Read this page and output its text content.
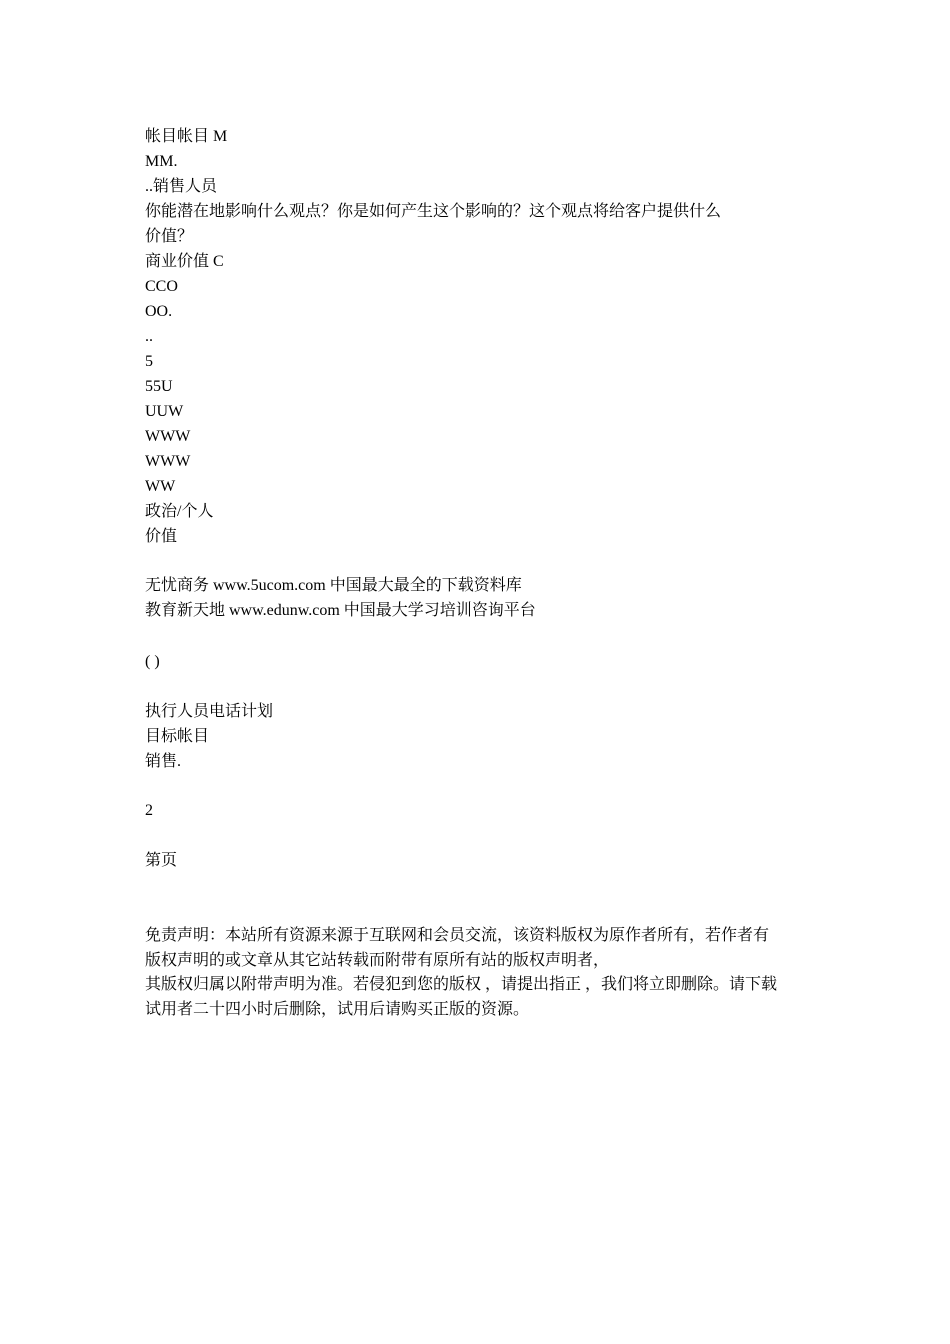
帐目帐目 M
MM.
..销售人员
你能潜在地影响什么观点？你是如何产生这个影响的？这个观点将给客户提供什么
价值？
商业价值 C
CCO
OO.
..
5
55U
UUW
WWW
WWW
WW
政治/个人
价值
无忧商务 www.5ucom.com 中国最大最全的下载资料库
教育新天地 www.edunw.com 中国最大学习培训咨询平台
( )
执行人员电话计划
目标帐目
销售.
2
第页
免责声明：本站所有资源来源于互联网和会员交流，该资料版权为原作者所有，若作者有
版权声明的或文章从其它站转载而附带有原所有站的版权声明者，
其版权归属以附带声明为准。若侵犯到您的版权 ，请提出指正 ，我们将立即删除。请下载
试用者二十四小时后删除，试用后请购买正版的资源。
